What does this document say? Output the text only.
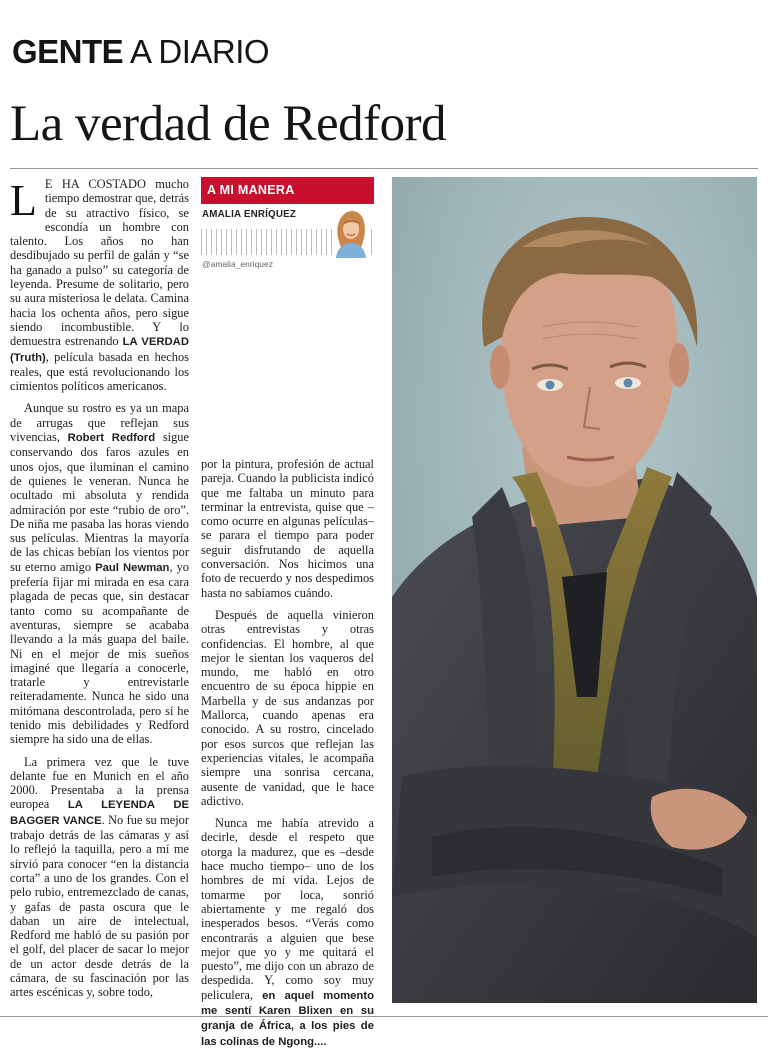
GENTE A DIARIO
La verdad de Redford

L E HA COSTADO mucho tiempo demostrar que, detrás de su atractivo físico, se escondía un hombre con talento. Los años no han desdibujado su perfil de galán y “se ha ganado a pulso” su categoría de leyenda. Presume de solitario, pero su aura misteriosa le delata. Camina hacia los ochenta años, pero sigue siendo incombustible. Y lo demuestra estrenando LA VERDAD (Truth), película basada en hechos reales, que está revolucionando los cimientos políticos americanos.

Aunque su rostro es ya un mapa de arrugas que reflejan sus vivencias, Robert Redford sigue conservando dos faros azules en unos ojos, que iluminan el camino de quienes le veneran. Nunca he ocultado mi absoluta y rendida admiración por este “rubio de oro”. De niña me pasaba las horas viendo sus películas. Mientras la mayoría de las chicas bebían los vientos por su eterno amigo Paul Newman, yo prefería fijar mi mirada en esa cara plagada de pecas que, sin destacar tanto como su acompañante de aventuras, siempre se acababa llevando a la más guapa del baile. Ni en el mejor de mis sueños imaginé que llegaría a conocerle, tratarle y entrevistarle reiteradamente. Nunca he sido una mitómana descontrolada, pero sí he tenido mis debilidades y Redford siempre ha sido una de ellas.

La primera vez que le tuve delante fue en Munich en el año 2000. Presentaba a la prensa europea LA LEYENDA DE BAGGER VANCE. No fue su mejor trabajo detrás de las cámaras y así lo reflejó la taquilla, pero a mí me sirvió para conocer “en la distancia corta” a uno de los grandes. Con el pelo rubio, entremezclado de canas, y gafas de pasta oscura que le daban un aire de intelectual, Redford me habló de su pasión por el golf, del placer de sacar lo mejor de un actor desde detrás de la cámara, de su fascinación por las artes escénicas y, sobre todo,

A MI MANERA
AMALIA ENRÍQUEZ
@amalia_enriquez

por la pintura, profesión de actual pareja. Cuando la publicista indicó que me faltaba un minuto para terminar la entrevista, quise que –como ocurre en algunas películas– se parara el tiempo para poder seguir disfrutando de aquella conversación. Nos hicimos una foto de recuerdo y nos despedimos hasta no sabíamos cuándo.

Después de aquella vinieron otras entrevistas y otras confidencias. El hombre, al que mejor le sientan los vaqueros del mundo, me habló en otro encuentro de su época hippie en Marbella y de sus andanzas por Mallorca, cuando apenas era conocido. A su rostro, cincelado por esos surcos que reflejan las experiencias vitales, le acompaña siempre una sonrisa cercana, ausente de vanidad, que le hace adictivo.

Nunca me había atrevido a decirle, desde el respeto que otorga la madurez, que es –desde hace mucho tiempo– uno de los hombres de mi vida. Lejos de tomarme por loca, sonrió abiertamente y me regaló dos inesperados besos. “Verás como encontrarás a alguien que bese mejor que yo y me quitará el puesto”, me dijo con un abrazo de despedida. Y, como soy muy peliculera, en aquel momento me sentí Karen Blixen en su granja de África, a los pies de las colinas de Ngong....
